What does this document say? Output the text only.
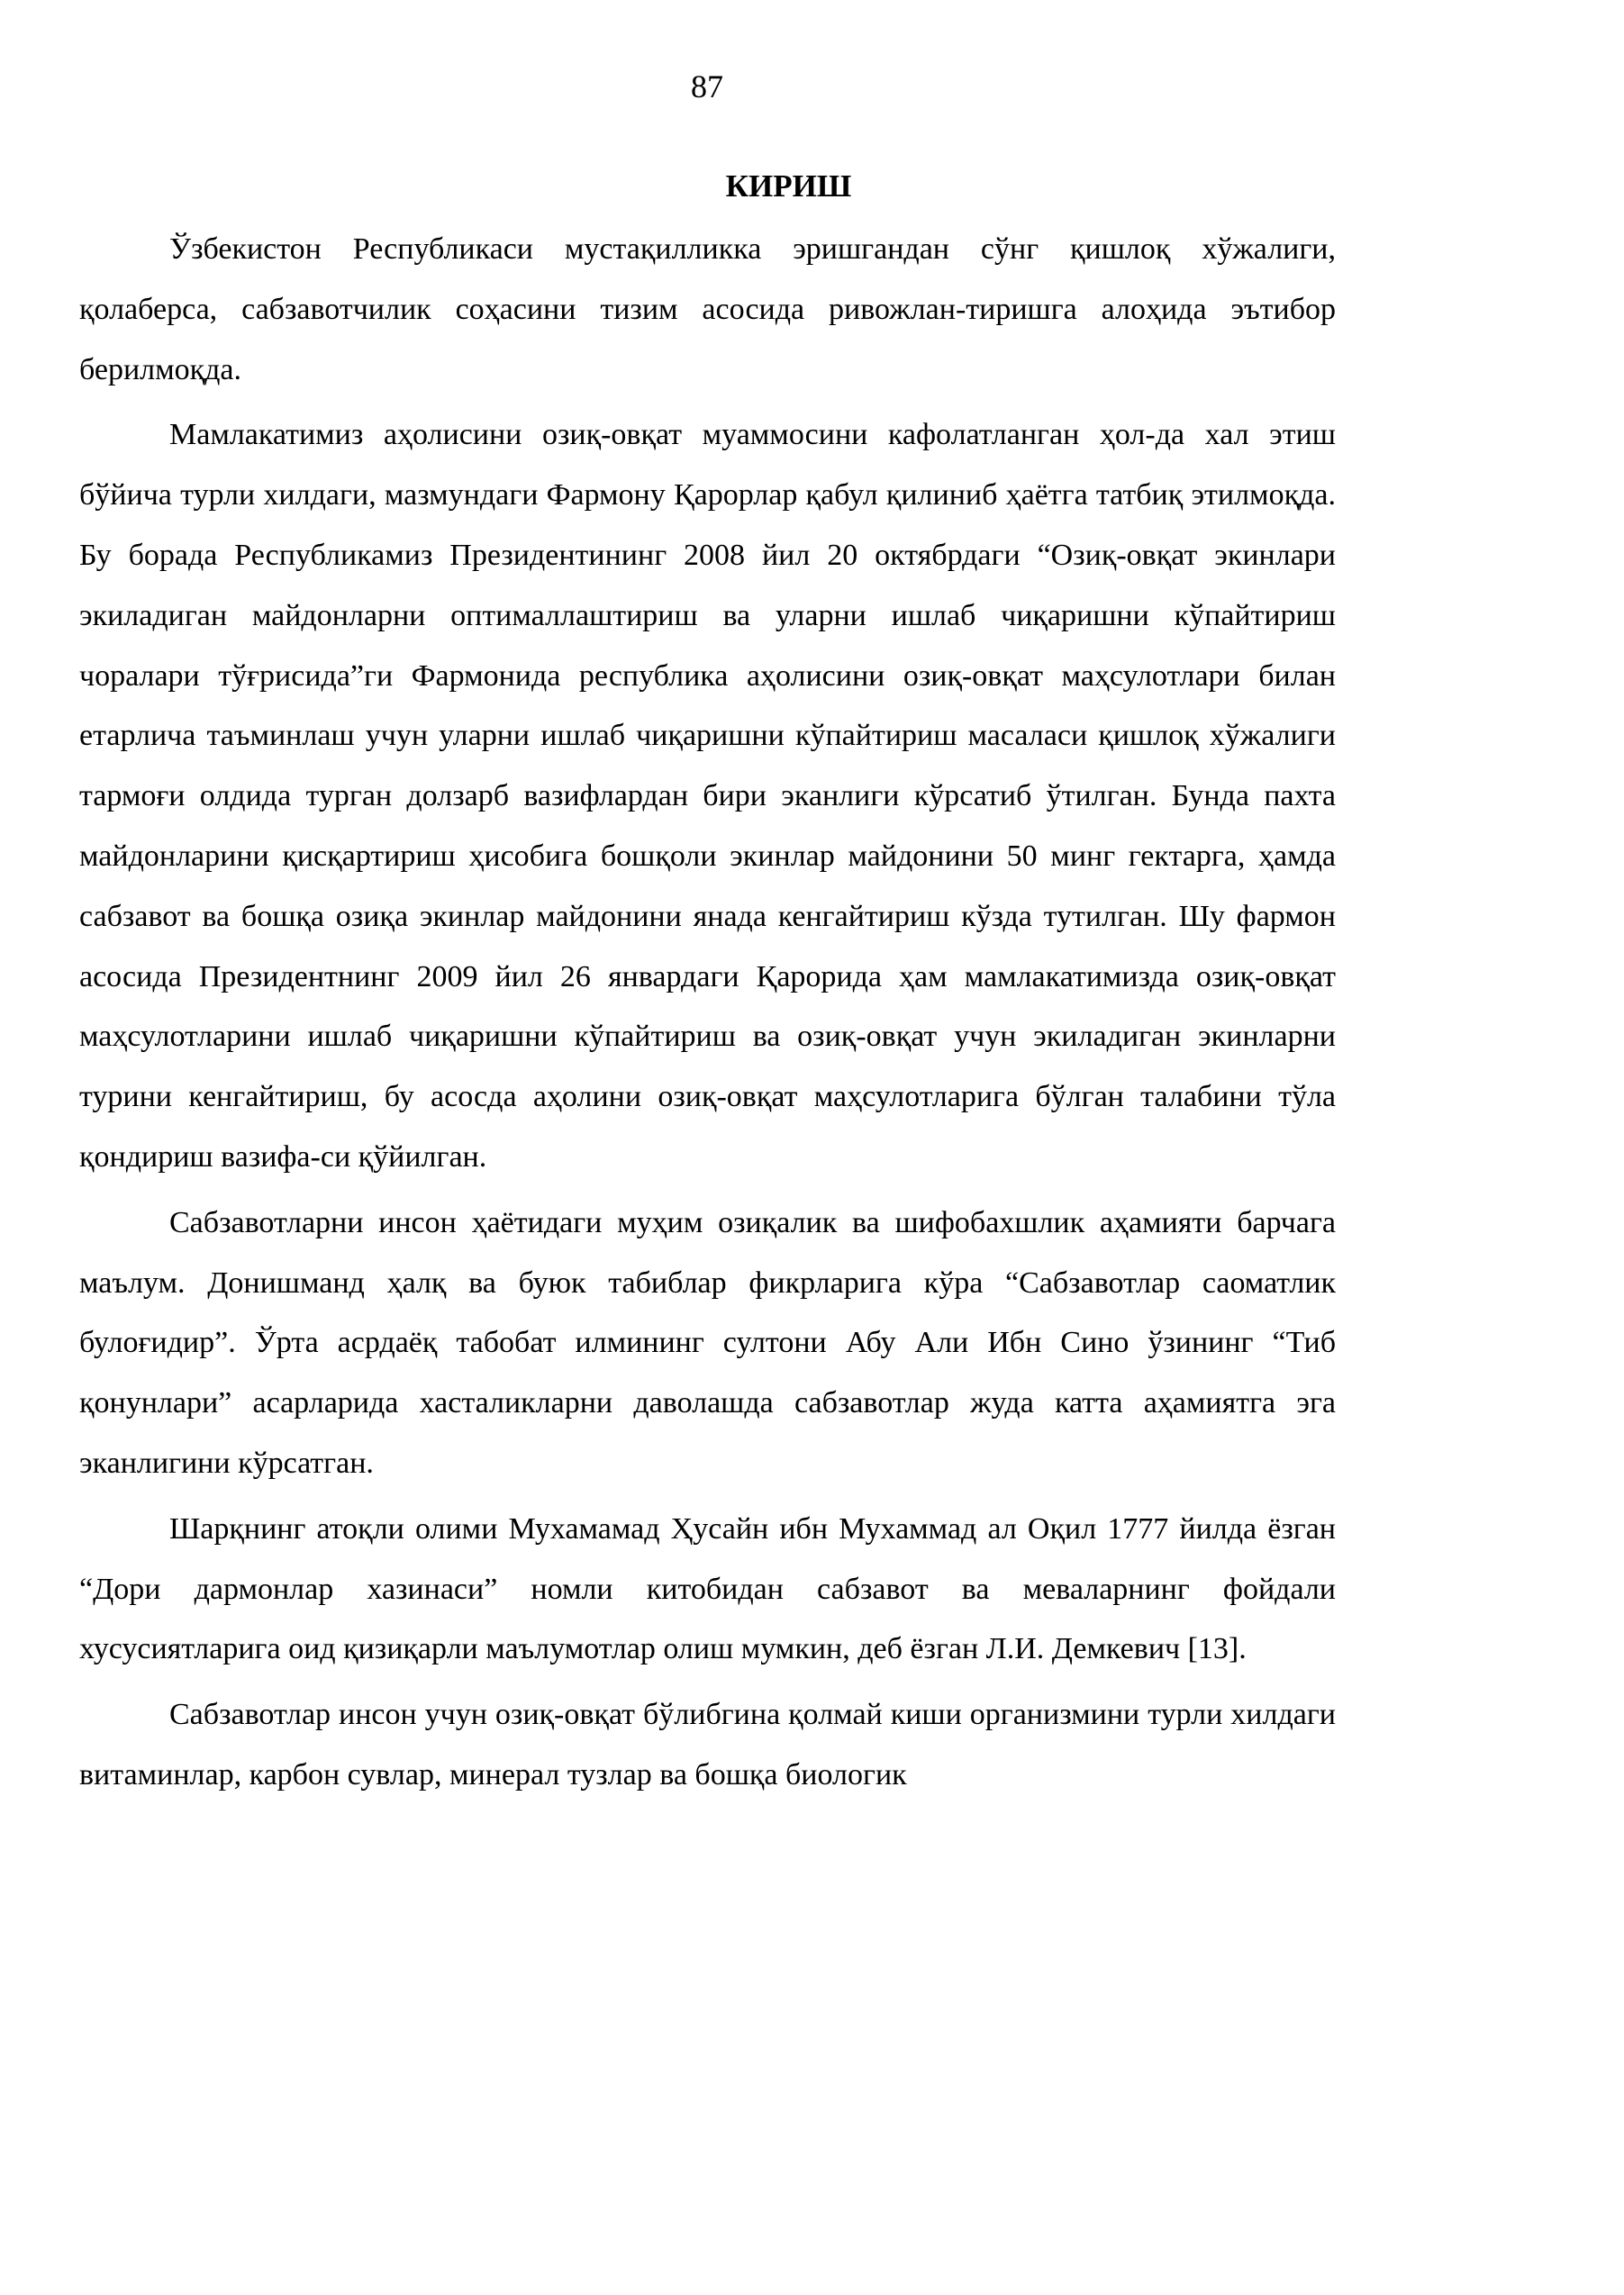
87
КИРИШ

Ўзбекистон Республикаси мустақилликка эришгандан сўнг қишлоқ хўжалиги, қолаберса, сабзавотчилик соҳасини тизим асосида ривожлан-тиришга алоҳида эътибор берилмоқда.

Мамлакатимиз аҳолисини озиқ-овқат муаммосини кафолатланган ҳол-да хал этиш бўйича турли хилдаги, мазмундаги Фармону Қарорлар қабул қилиниб ҳаётга татбиқ этилмоқда. Бу борада Республикамиз Президентининг 2008 йил 20 октябрдаги “Озиқ-овқат экинлари экиладиган майдонларни оптималлаштириш ва уларни ишлаб чиқаришни кўпайтириш чоралари тўғрисида”ги Фармонида республика аҳолисини озиқ-овқат маҳсулотлари билан етарлича таъминлаш учун уларни ишлаб чиқаришни кўпайтириш масаласи қишлоқ хўжалиги тармоғи олдида турган долзарб вазифлардан бири эканлиги кўрсатиб ўтилган. Бунда пахта майдонларини қисқартириш ҳисобига бошқоли экинлар майдонини 50 минг гектарга, ҳамда сабзавот ва бошқа озиқа экинлар майдонини янада кенгайтириш кўзда тутилган. Шу фармон асосида Президентнинг 2009 йил 26 январдаги Қарорида ҳам мамлакатимизда озиқ-овқат маҳсулотларини ишлаб чиқаришни кўпайтириш ва озиқ-овқат учун экиладиган экинларни турини кенгайтириш, бу асосда аҳолини озиқ-овқат маҳсулотларига бўлган талабини тўла қондириш вазифа-си қўйилган.

Сабзавотларни инсон ҳаётидаги муҳим озиқалик ва шифобахшлик аҳамияти барчага маълум. Донишманд ҳалқ ва буюк табиблар фикрларига кўра “Сабзавотлар саоматлик булоғидир”. Ўрта асрдаёқ табобат илмининг султони Абу Али Ибн Сино ўзининг “Тиб қонунлари” асарларида хасталикларни даволашда сабзавотлар жуда катта аҳамиятга эга эканлигини кўрсатган.

Шарқнинг атоқли олими Мухамамад Ҳусайн ибн Мухаммад ал Оқил 1777 йилда ёзган “Дори дармонлар хазинаси” номли китобидан сабзавот ва меваларнинг фойдали хусусиятларига оид қизиқарли маълумотлар олиш мумкин, деб ёзган Л.И. Демкевич [13].

Сабзавотлар инсон учун озиқ-овқат бўлибгина қолмай киши организмини турли хилдаги витаминлар, карбон сувлар, минерал тузлар ва бошқа биологик
